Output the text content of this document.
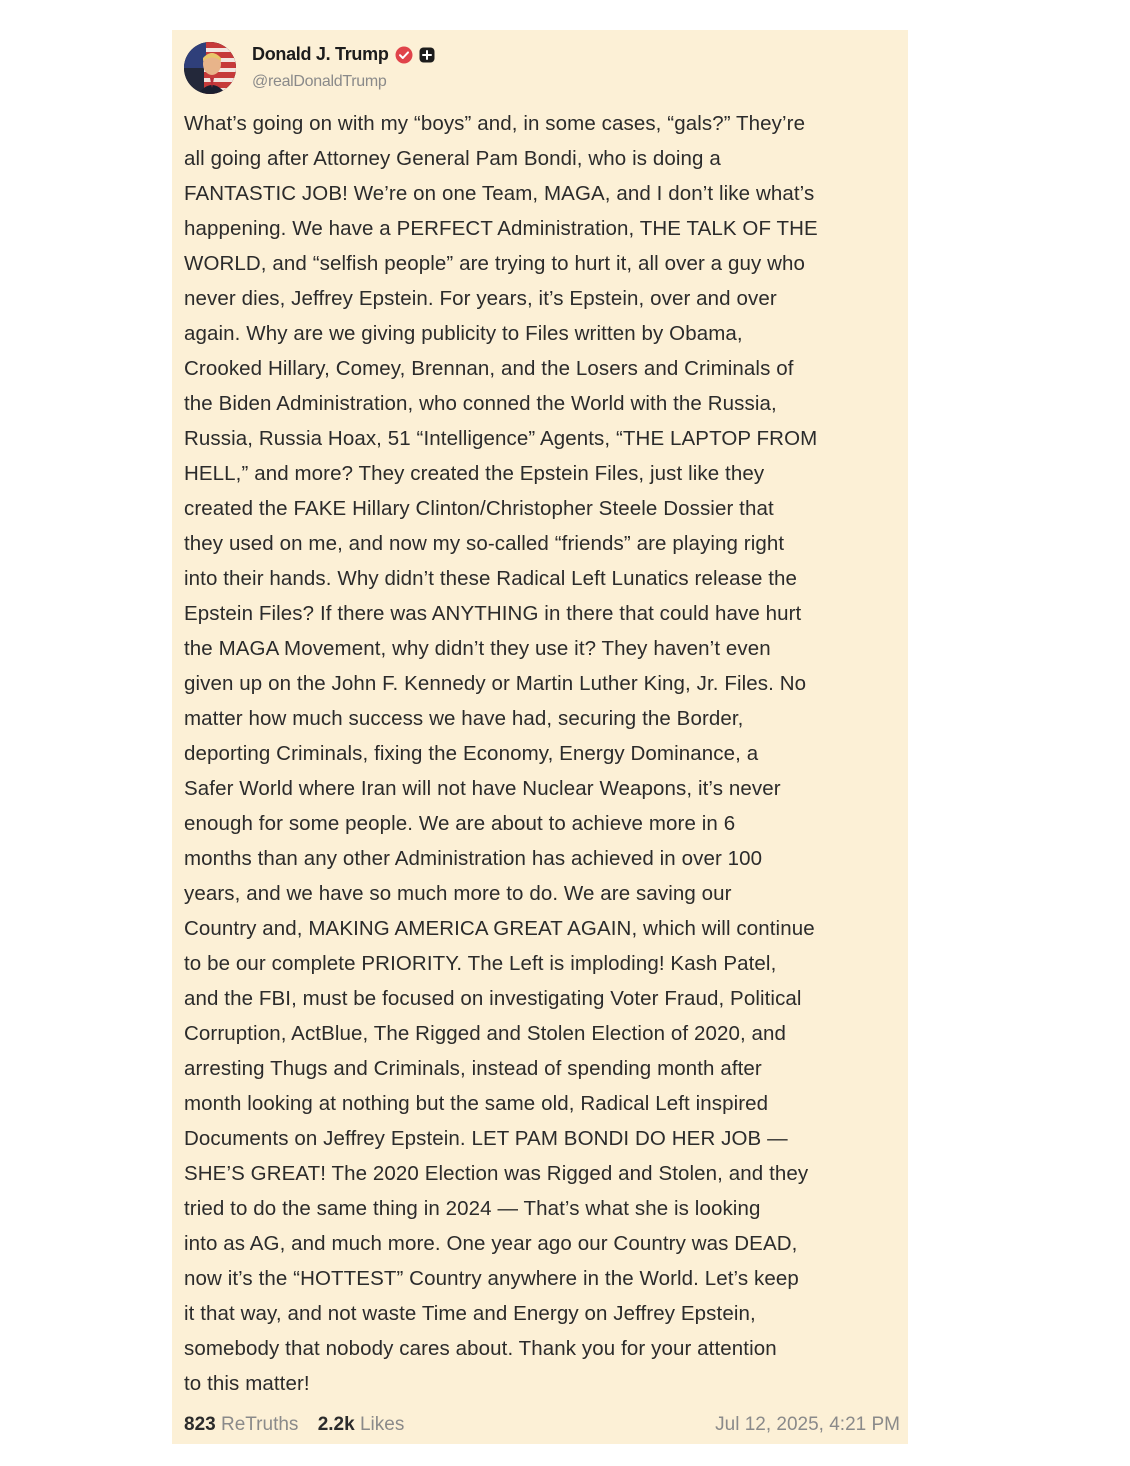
Donald J. Trump
@realDonaldTrump
What’s going on with my “boys” and, in some cases, “gals?” They’re
all going after Attorney General Pam Bondi, who is doing a
FANTASTIC JOB! We’re on one Team, MAGA, and I don’t like what’s
happening. We have a PERFECT Administration, THE TALK OF THE
WORLD, and “selfish people” are trying to hurt it, all over a guy who
never dies, Jeffrey Epstein. For years, it’s Epstein, over and over
again. Why are we giving publicity to Files written by Obama,
Crooked Hillary, Comey, Brennan, and the Losers and Criminals of
the Biden Administration, who conned the World with the Russia,
Russia, Russia Hoax, 51 “Intelligence” Agents, “THE LAPTOP FROM
HELL,” and more? They created the Epstein Files, just like they
created the FAKE Hillary Clinton/Christopher Steele Dossier that
they used on me, and now my so-called “friends” are playing right
into their hands. Why didn’t these Radical Left Lunatics release the
Epstein Files? If there was ANYTHING in there that could have hurt
the MAGA Movement, why didn’t they use it? They haven’t even
given up on the John F. Kennedy or Martin Luther King, Jr. Files. No
matter how much success we have had, securing the Border,
deporting Criminals, fixing the Economy, Energy Dominance, a
Safer World where Iran will not have Nuclear Weapons, it’s never
enough for some people. We are about to achieve more in 6
months than any other Administration has achieved in over 100
years, and we have so much more to do. We are saving our
Country and, MAKING AMERICA GREAT AGAIN, which will continue
to be our complete PRIORITY. The Left is imploding! Kash Patel,
and the FBI, must be focused on investigating Voter Fraud, Political
Corruption, ActBlue, The Rigged and Stolen Election of 2020, and
arresting Thugs and Criminals, instead of spending month after
month looking at nothing but the same old, Radical Left inspired
Documents on Jeffrey Epstein. LET PAM BONDI DO HER JOB —
SHE’S GREAT! The 2020 Election was Rigged and Stolen, and they
tried to do the same thing in 2024 — That’s what she is looking
into as AG, and much more. One year ago our Country was DEAD,
now it’s the “HOTTEST” Country anywhere in the World. Let’s keep
it that way, and not waste Time and Energy on Jeffrey Epstein,
somebody that nobody cares about. Thank you for your attention
to this matter!
823 ReTruths 2.2k Likes	Jul 12, 2025, 4:21 PM
